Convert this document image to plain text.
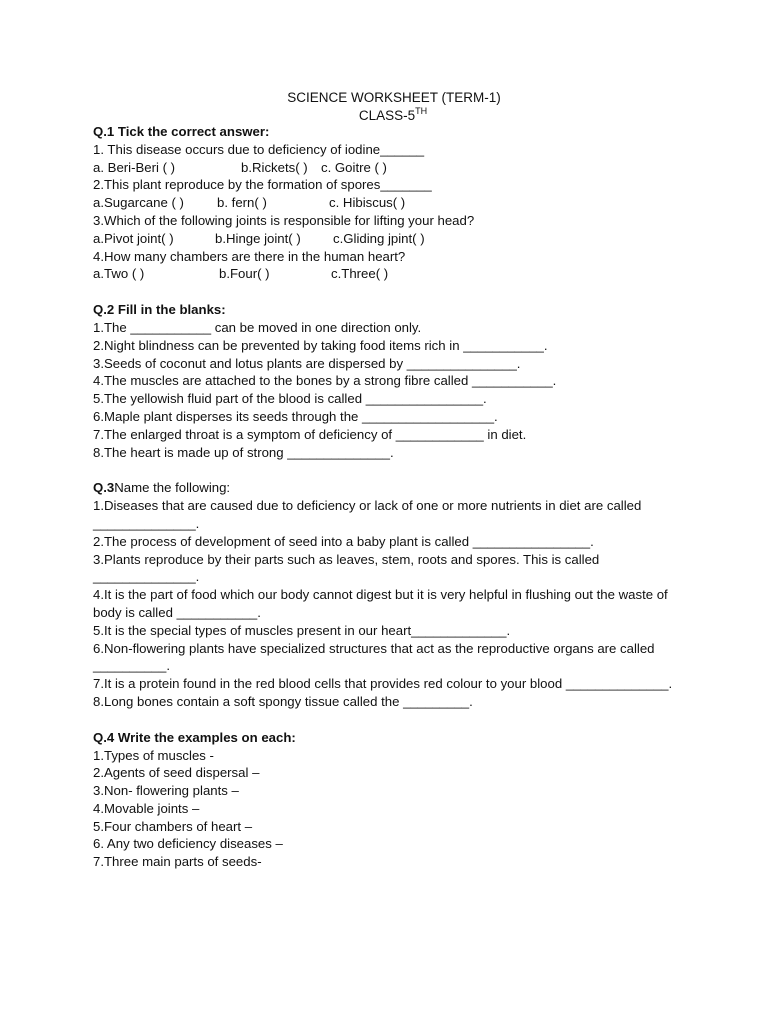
SCIENCE WORKSHEET (TERM-1)
CLASS-5TH
Q.1 Tick the correct answer:
1. This disease occurs due to deficiency of iodine______
a. Beri-Beri ( )	b.Rickets( ) c. Goitre ( )
2.This plant reproduce by the formation of spores_______
a.Sugarcane ( )	b. fern( )	c. Hibiscus( )
3.Which of the following joints is responsible for lifting your head?
a.Pivot joint( )	b.Hinge joint( ) c.Gliding jpint( )
4.How many chambers are there in the human heart?
a.Two ( )	b.Four( )	c.Three( )
Q.2 Fill in the blanks:
1.The ___________ can be moved in one direction only.
2.Night blindness can be prevented by taking food items rich in ___________.
3.Seeds of coconut and lotus plants are dispersed by _______________.
4.The muscles are attached to the bones by a strong fibre called ___________.
5.The yellowish fluid part of the blood is called ________________.
6.Maple plant disperses its seeds through the __________________.
7.The enlarged throat is a symptom of deficiency of ____________ in diet.
8.The heart is made up of strong ______________.
Q.3Name the following:
1.Diseases that are caused due to deficiency or lack of one or more nutrients in diet are called ______________.
2.The process of development of seed into a baby plant is called ________________.
3.Plants reproduce by their parts such as leaves, stem, roots and spores. This is called ______________.
4.It is the part of food which our body cannot digest but it is very helpful in flushing out the waste of body is called ___________.
5.It is the special types of muscles present in our heart_____________.
6.Non-flowering plants have specialized structures that act as the reproductive organs are called __________.
7.It is a protein found in the red blood cells that provides red colour to your blood ______________.
8.Long bones contain a soft spongy tissue called the _________.
Q.4 Write the examples on each:
1.Types of muscles -
2.Agents of seed dispersal –
3.Non- flowering plants –
4.Movable joints –
5.Four chambers of heart –
6. Any two deficiency diseases –
7.Three main parts of seeds-
